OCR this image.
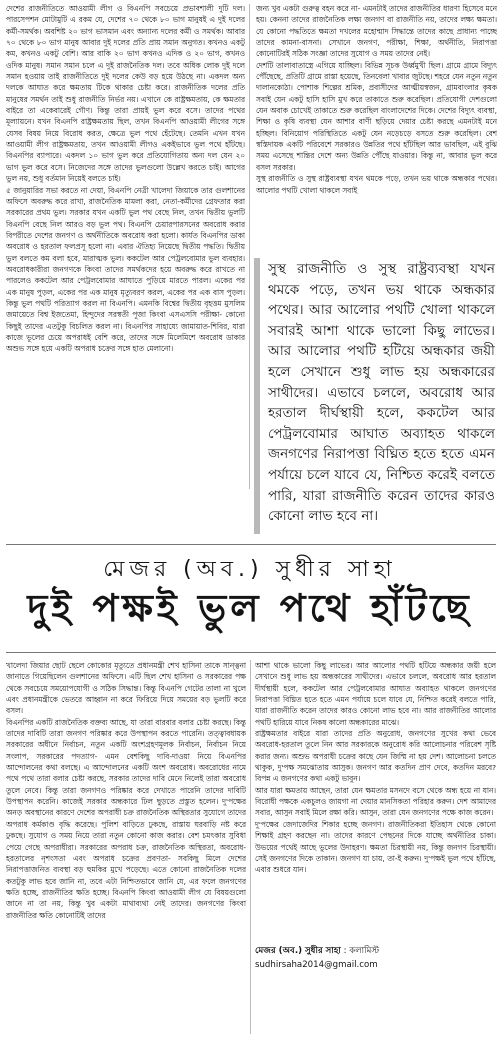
দেশের রাজনীতিতে আওয়ামী লীগ ও বিএনপি সবচেয়ে প্রভাবশালী দুটি দল। পারসেপশন মোটামুটি এ রকম যে, দেশের ৭০ থেকে ৮০ ভাগ মানুষই এ দুই দলের কর্মী-সমর্থক। অবশিষ্ট ২০ ভাগ ভাসমান এবং অন্যান্য দলের কর্মী ও সমর্থক। আবার ৭০ থেকে ৮০ ভাগ মানুষ আবার দুই দলের প্রতি প্রায় সমান অনুগত। কখনও একটু কম, কখনও একটু বেশি। আর বাকি ২০ ভাগ কখনও এদিক ও ২০ ভাগ, কখনও ওদিক মানুষ। সমান সমান চলে এ দুই রাজনৈতিক দল। তবে অধিক লোক দুই দলে সমান হওয়ায় তাই রাজনীতিতে দুই দলের কেউ বড় হয়ে উঠছে না। একদল অন্য দলকে আঘাত করে ক্ষমতায় টিকে থাকার চেষ্টা করে। রাজনীতিক দলের প্রতি মানুষের সমর্থন তাই শুধু রাজনীতি নির্ভর নয়। এখানে কে রাষ্ট্রক্ষমতায়, কে ক্ষমতার বাইরে তা একেবারেই গৌণ। কিন্তু তারা প্রায়ই ভুল করে বসে। তাদের পথের মূল্যায়নে। যখন বিএনপি রাষ্ট্রক্ষমতায় ছিল, তখন বিএনপি আওয়ামী লীগের সঙ্গে যেসব বিষয় নিয়ে বিরোধ করত, ক্ষেত্রে ভুল পথে হেঁটেছে। তেমনি এখন যখন আওয়ামী লীগ রাষ্ট্রক্ষমতায়, তখন আওয়ামী লীগও একইভাবে ভুল পথে হাঁটছে। বিএনপির ব্যাপারে। একদল ১০ ভাগ ভুল করে প্রতিযোগিতায় অন্য দল যেন ২০ ভাগ ভুল করে বসে। নিজেদের সঙ্গে তাদের ভুলগুলো উল্লেখ করতে চাই। আগের ভুল নয়, শুধু বর্তমান নিয়েই বলতে চাই।

৫ জানুয়ারির সভা করতে না দেয়া, বিএনপি নেত্রী খালেদা জিয়াকে তার গুলশানের অফিসে অবরুদ্ধ করে রাখা, রাজনৈতিক মামলা করা, নেতা-কর্মীদের গ্রেফতার করা সরকারের প্রথম ভুল। সরকার যখন একটি ভুল পথ বেছে নিল, তখন দ্বিতীয় ভুলটি বিএনপি বেছে নিল আরও বড় ভুল পথ। বিএনপি চেয়ারপারসনের অবরোধ করার বিপরীতে দেশের জনগণ ও অর্থনীতিকে অবরোধ করা হলো। কার্যত বিএনপির ডাকা অবরোধ ও হরতাল ফলপ্রসূ হলো না। এবার ঐতিহ্য নিয়েছে দ্বিতীয় পদ্ধতি। দ্বিতীয় ভুল বলতে কম বলা হবে, মারাত্মক ভুল। ককটেল আর পেট্রলবোমার ভুল ব্যবহার। অবরোধকারীরা জনগণকে কিংবা তাদের সমর্থকদের হয়ে অবরুদ্ধ করে রাখতে না পারলেও ককটেল আর পেট্রলবোমার আঘাতে পুড়িয়ে মারতে পারল। একের পর এক মানুষ পুড়ল, একের পর এক মানুষ মৃত্যুবরণ করল, একের পর এক বাস পুড়ল। কিন্তু ভুল পথটি পরিত্যাগ করল না বিএনপি। এমনকি বিশ্বের দ্বিতীয় বৃহত্তম মুসলিম জমায়েতে বিশ্ব ইজতেমা, হিন্দুদের সরস্বতী পূজা কিংবা এসএসসি পরীক্ষা- কোনো কিছুই তাদের এতটুকু বিচলিত করল না। বিএনপির সাহায্যে জামায়াত-শিবির, যারা কাজে ভূলের চেয়ে অপরাধই বেশি করে, তাদের সঙ্গে মিলেমিশে অবরোধ ডাকার অশুভ সঙ্গে হয়ে একটি অপরাধ চক্রের সঙ্গে হাত মেলানো।

জন্য খুব একটা গুরুত্ব বহন করে না- এমনটাই তাদের রাজনীতির ধারণা হিসেবে মনে হয়। কেননা তাদের রাজনৈতিক লক্ষ্য জনগণ বা রাজনীতি নয়, তাদের লক্ষ্য ক্ষমতা। যে কোনো পদ্ধতিতে ক্ষমতা দখলের মহোন্মাদ সিদ্ধান্তে তাদের কাছে প্রাধান্য পাচ্ছে তাদের কামনা-বাসনা। সেখানে জনগণ, পরীক্ষা, শিক্ষা, অর্থনীতি, নিরাপত্তা কোনোটিরই সঠিক সংজ্ঞা তাদের সুযোগ ও সময় তাদের নেই।

দেশটি তালাবাতাস্ত্রে এগিয়ে যাচ্ছিল। বিভিন্ন সূচক উর্ধ্বমুখী ছিল। গ্রামে গ্রামে বিদ্যুৎ পৌঁছেছে, প্রতিটি গ্রামে রাস্তা হয়েছে, তিনবেলা খাবার জুটছে। শহরে যেন নতুন নতুন দালানকোঠা। পোশাক শিল্পের শ্রমিক, প্রবাসীদের আত্মীয়স্বজন, গ্রামবাংলার কৃষক সবাই যেন একটু হাসি হাসি মুখ করে তাকাতে শুরু করেছিল। প্রতিযোগী দেশগুলো যেন অবাক চোখেই তাকাতে শুরু করেছিল বাংলাদেশের দিকে। দেশের বিদ্যুৎ ব্যবস্থা, শিক্ষা ও কৃষি ব্যবস্থা যেন আশার বাণী ছড়িয়ে দেয়ার চেষ্টা করছে এমনটাই মনে হচ্ছিল। বিনিয়োগ পরিস্থিতিতে একটু যেন নড়েচড়ে বসতে শুরু করেছিল। বেশ স্বস্তিদায়ক একটি পরিবেশে সরকারও উন্নতির পথে হাঁটছিল আর ভাবছিল, এই বুঝি সময় এসেছে শান্তির দেশে অন্য উন্নতি পৌঁছে যাওয়ার। কিন্তু না, আবার ভুল করে বসল সরকার।

সুস্থ রাজনীতি ও সুস্থ রাষ্ট্রব্যবস্থা যখন থমকে পড়ে, তখন ভয় থাকে অন্ধকার পথের। আলোর পথটি খোলা থাকলে সবাই

সুস্থ রাজনীতি ও সুস্থ রাষ্ট্রব্যবস্থা যখন থমকে পড়ে, তখন ভয় থাকে অন্ধকার পথের। আর আলোর পথটি খোলা থাকলে সবারই আশা থাকে ভালো কিছু লাভের। আর আলোর পথটি হটিয়ে অন্ধকার জয়ী হলে সেখানে শুধু লাভ হয় অন্ধকারের সাথীদের। এভাবে চললে, অবরোধ আর হরতাল দীর্ঘস্থায়ী হলে, ককটেল আর পেট্রলবোমার আঘাত অব্যাহত থাকলে জনগণের নিরাপত্তা বিঘ্নিত হতে হতে এমন পর্যায়ে চলে যাবে যে, নিশ্চিত করেই বলতে পারি, যারা রাজনীতি করেন তাদের কারও কোনো লাভ হবে না।

মেজর (অব.) সুধীর সাহা
দুই পক্ষই ভুল পথে হাঁটছে

খালেদা জিয়ার ছোট ছেলে কোকোর মৃত্যুতে প্রধানমন্ত্রী শেখ হাসিনা তাকে সান্ত্বনা জানাতে গিয়েছিলেন গুলশানের অফিসে। এটি ছিল শেখ হাসিনা ও সরকারের পক্ষ থেকে সবচেয়ে সময়োপযোগী ও সঠিক সিদ্ধান্ত। কিন্তু বিএনপি গেটের তালা না খুলে এবং প্রধানমন্ত্রীকে ভেতরে আহ্বান না করে ফিরিয়ে দিয়ে সময়ের বড় ভুলটি করে বসল।

বিএনপির একটি রাজনৈতিক বক্তব্য আছে, যা তারা বারবার বলার চেষ্টা করছে। কিন্তু তাদের দাবিটি তারা জনগণ পরিষ্কার করে উপস্থাপন করতে পারেনি। তত্ত্বাবধায়ক সরকারের অধীনে নির্বাচন, নতুন একটি অংশগ্রহণমূলক নির্বাচন, নির্বাচন নিয়ে সংলাপ, সরকারের পদত্যাগ- এমন বেশকিছু দাবি-দাওয়া নিয়ে বিএনপির আন্দোলনের কথা বলছে। এ আন্দোলনের একটি অংশ অবরোধ। অবরোধের নামে পথে পথে তারা বলার চেষ্টা করছে, সরকার তাদের দাবি মেনে নিলেই তারা অবরোধ তুলে নেবে। কিন্তু তারা জনগণও পরিষ্কার করে দেখাতে পারেনি তাদের দাবিটি উপস্থাপন করেনি। কাজেই সরকার অন্ধকারে ঢিল ছুড়তে প্রস্তুত হলেন। দু'পক্ষের অনড় অবস্থানের কারণে দেশের অপরাধী চক্র রাজনৈতিক অস্থিরতার সুযোগে তাদের অপরাধ কর্মকাণ্ড বৃদ্ধি করেছে। পুলিশ বাড়িতে ঢুকছে, রাস্তায় ঘরবাড়ি নষ্ট করে ঢুকছে। সুযোগ ও সময় নিয়ে তারা নতুন কোনো কাজ করার। বেশ চমৎকার সুবিধা পেয়ে গেছে অপরাধীরা। সরকারের অপরাধ চক্র, রাজনৈতিক অস্থিরতা, অবরোধ-হরতালের নৃশংসতা এবং অপরাধ চক্রের প্রবণতা- সবকিছু মিলে দেশের নিরাপত্তাজনিত ব্যবস্থা বড় হুমকির মুখে পড়েছে। এতে কোনো রাজনৈতিক দলের কতটুকু লাভ হবে জানি না, তবে এটা নিশ্চিতভাবে জানি যে, এর ফলে জনগণের ক্ষতি হচ্ছে, রাজনীতির ক্ষতি হচ্ছে। বিএনপি কিংবা আওয়ামী লীগ যে বিষয়গুলো জানে না তা নয়, কিন্তু খুব একটা মাথাব্যথা নেই তাদের। জনগণের কিংবা রাজনীতির ক্ষতি কোনোটিই তাদের

আশা থাকে ভালো কিছু লাভের। আর আলোর পথটি হটিয়ে অন্ধকার জয়ী হলে সেখানে শুধু লাভ হয় অন্ধকারের সাথীদের। এভাবে চললে, অবরোধ আর হরতাল দীর্ঘস্থায়ী হলে, ককটেল আর পেট্রলবোমার আঘাত অব্যাহত থাকলে জনগণের নিরাপত্তা বিঘ্নিত হতে হতে এমন পর্যায়ে চলে যাবে যে, নিশ্চিত করেই বলতে পারি, যারা রাজনীতি করেন তাদের কারও কোনো লাভ হবে না। আর রাজনীতির আলোর পথটি হারিয়ে যাবে নিকষ কালো অন্ধকারের মাঝে।

রাষ্ট্রক্ষমতার বাইরে যারা তাদের প্রতি অনুরোধ, জনগণের সুখের কথা ভেবে অবরোধ-হরতাল তুলে নিন আর সরকারকে অনুরোধ করি আলোচনার পরিবেশ সৃষ্টি করার জন্য। অশুভ অপরাধী চক্রের কাছে যেন জিম্মি না হয় দেশ। আলোচনা চলতে থাকুক, দু'পক্ষ সমঝোতায় আসুক। জনগণ আর কতদিন প্রাণ দেবে, কতদিন মরবে? বিপন্ন এ জনগণের কথা একটু ভাবুন।

আর যারা ক্ষমতায় আছেন, তারা যেন ক্ষমতার মসনদে বসে থেকে অন্ধ হয়ে না যান। বিরোধী পক্ষকে একচুলও জায়গা না দেয়ার মানসিকতা পরিহার করুন। দেশ আমাদের সবার, আসুন সবাই মিলে রক্ষা করি। আসুন, তারা যেন জনগণের পক্ষে কাজ করেন।

দু'পক্ষের জেদাজেদির শিকার হচ্ছে জনগণ। রাজনীতিকরা ইতিহাস থেকে কোনো শিক্ষাই গ্রহণ করছেন না। তাদের কারণে পেছনের দিকে যাচ্ছে অর্থনীতির চাকা। উভয়ের পথেই আছে ভুলের উদাহরণ। ক্ষমতা চিরস্থায়ী নয়, কিন্তু জনগণ চিরস্থায়ী। সেই জনগণের দিকে তাকান। জনগণ যা চায়, তা-ই করুন। দু'পক্ষই ভুল পথে হাঁটছে, এবার শুধরে যান।

মেজর (অব.) সুধীর সাহা : কলামিস্ট
sudhirsaha2014@gmail.com
